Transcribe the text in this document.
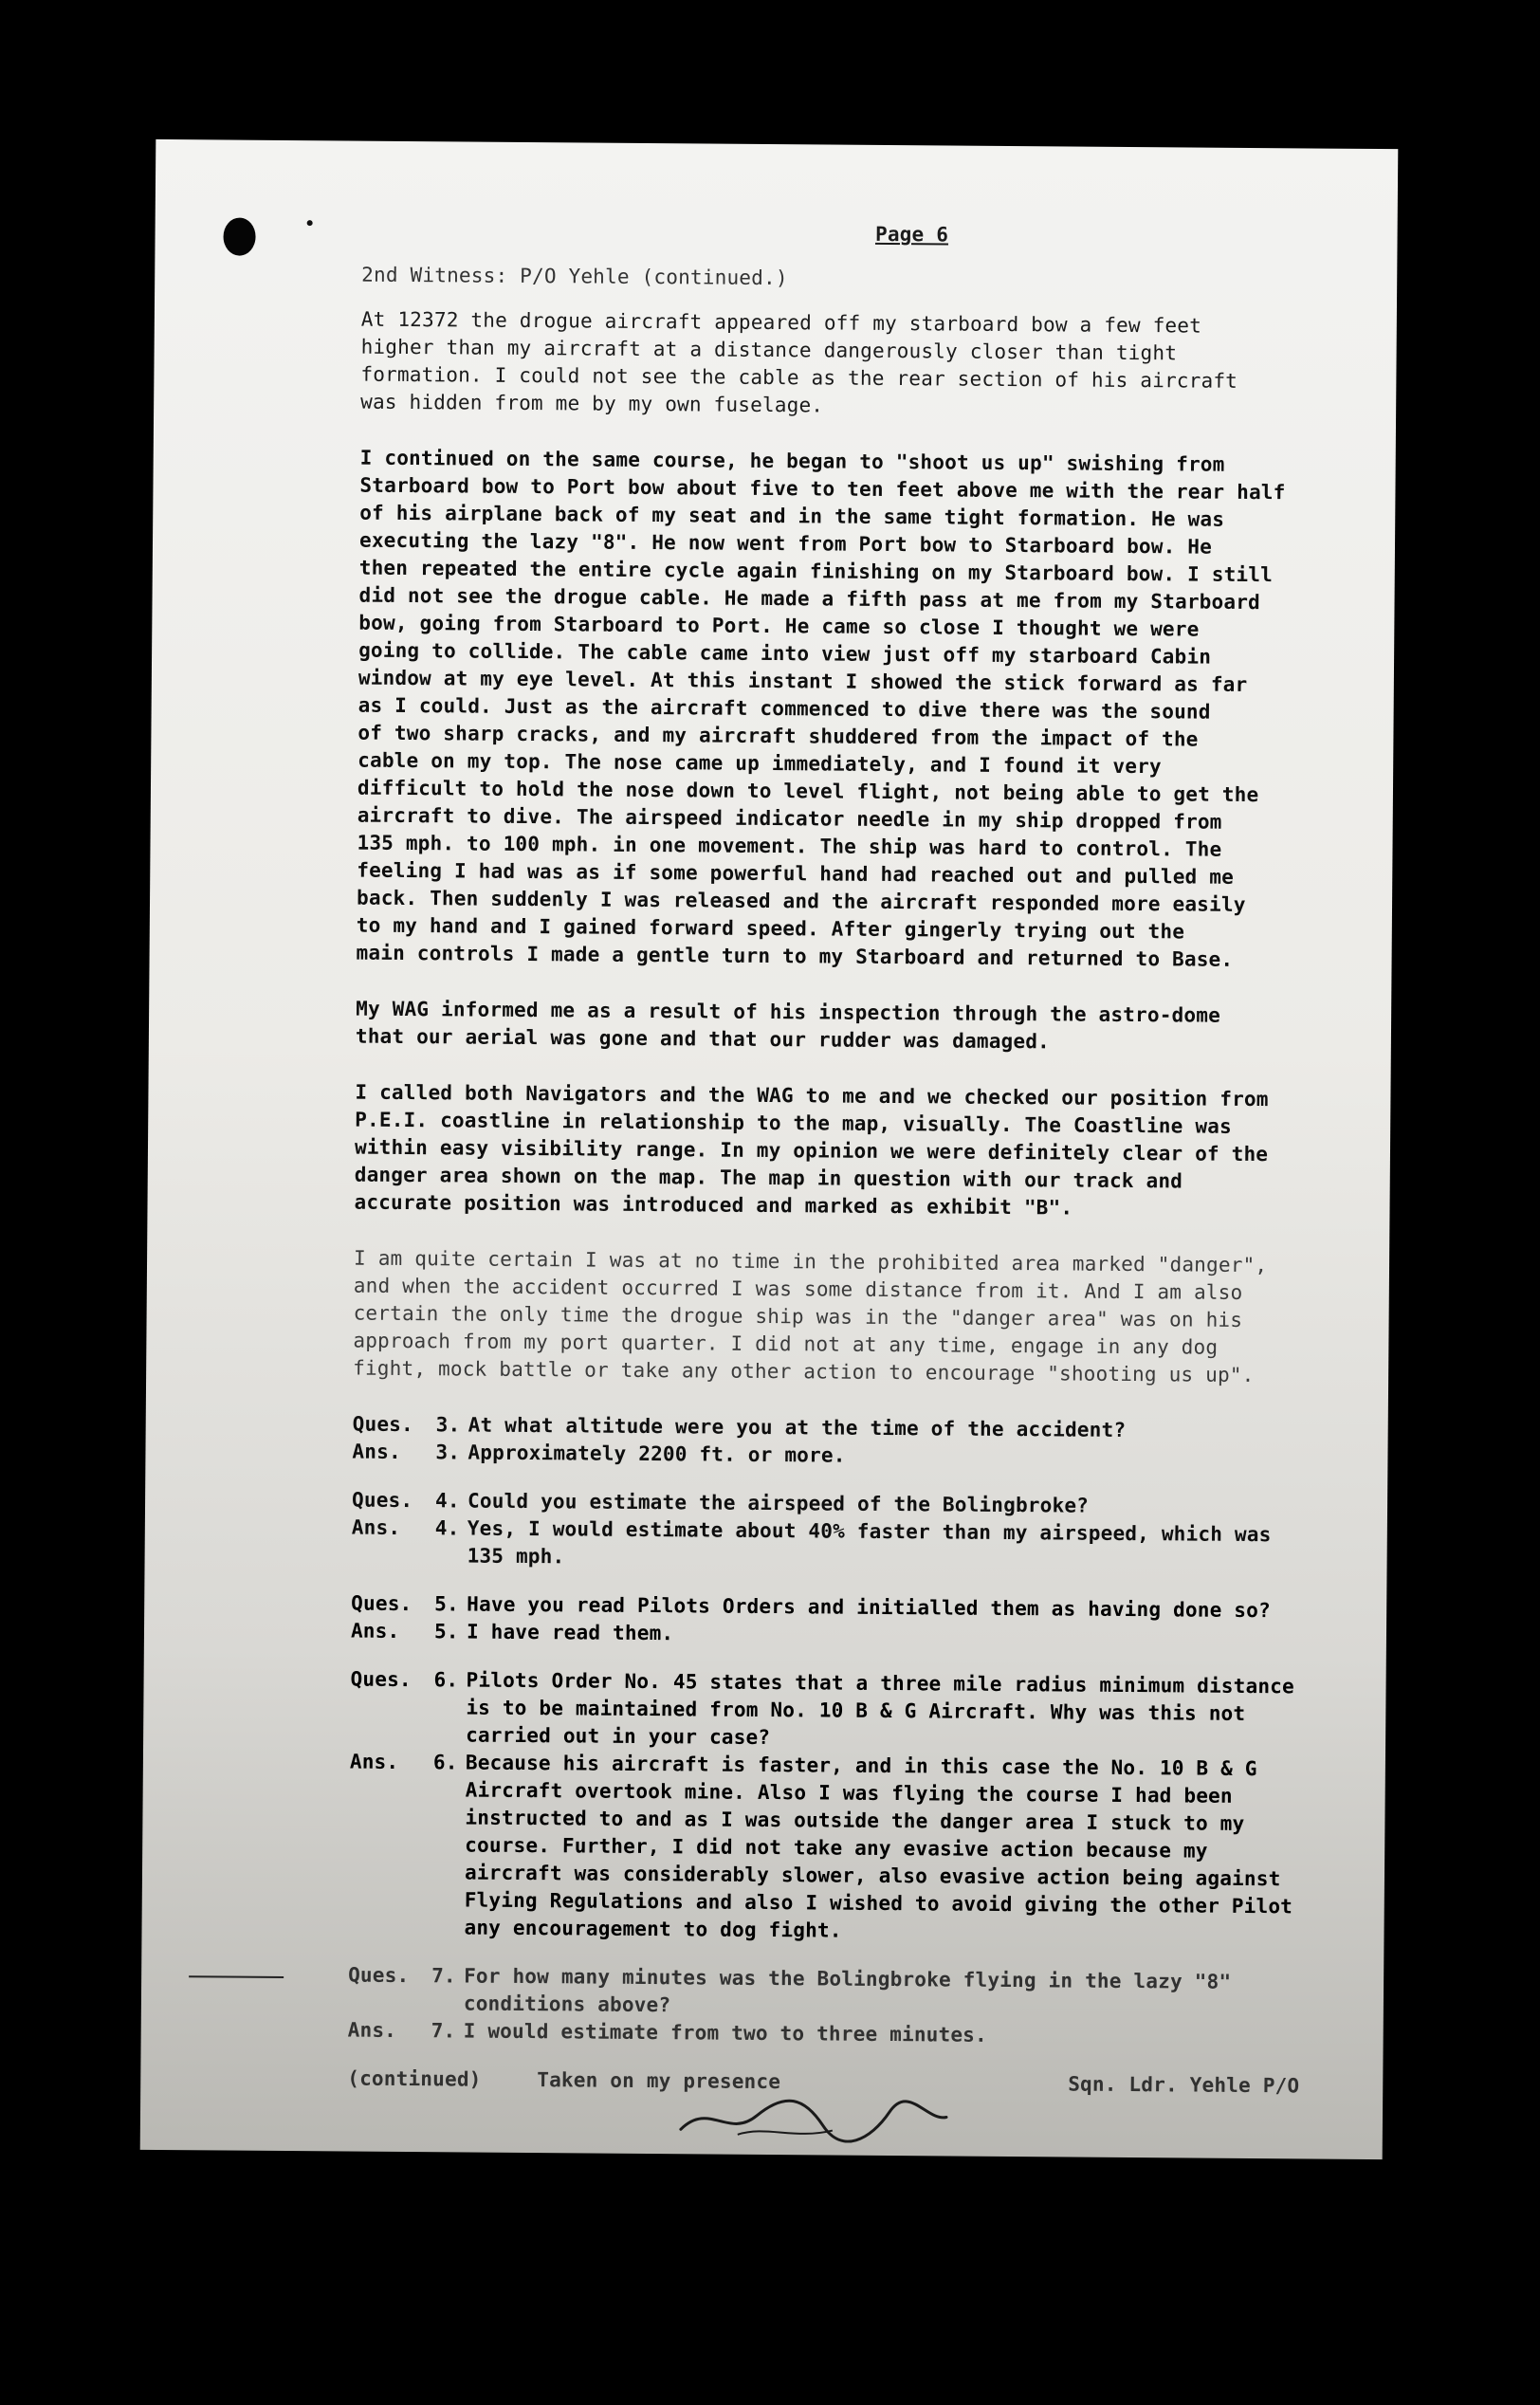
Page 6
2nd Witness: P/O Yehle (continued.)
At 12372 the drogue aircraft appeared off my starboard bow a few feet
higher than my aircraft at a distance dangerously closer than tight
formation. I could not see the cable as the rear section of his aircraft
was hidden from me by my own fuselage.
I continued on the same course, he began to "shoot us up" swishing from
Starboard bow to Port bow about five to ten feet above me with the rear half
of his airplane back of my seat and in the same tight formation. He was
executing the lazy "8". He now went from Port bow to Starboard bow. He
then repeated the entire cycle again finishing on my Starboard bow. I still
did not see the drogue cable. He made a fifth pass at me from my Starboard
bow, going from Starboard to Port. He came so close I thought we were
going to collide. The cable came into view just off my starboard Cabin
window at my eye level. At this instant I showed the stick forward as far
as I could. Just as the aircraft commenced to dive there was the sound
of two sharp cracks, and my aircraft shuddered from the impact of the
cable on my top. The nose came up immediately, and I found it very
difficult to hold the nose down to level flight, not being able to get the
aircraft to dive. The airspeed indicator needle in my ship dropped from
135 mph. to 100 mph. in one movement. The ship was hard to control. The
feeling I had was as if some powerful hand had reached out and pulled me
back. Then suddenly I was released and the aircraft responded more easily
to my hand and I gained forward speed. After gingerly trying out the
main controls I made a gentle turn to my Starboard and returned to Base.
My WAG informed me as a result of his inspection through the astro-dome
that our aerial was gone and that our rudder was damaged.
I called both Navigators and the WAG to me and we checked our position from
P.E.I. coastline in relationship to the map, visually. The Coastline was
within easy visibility range. In my opinion we were definitely clear of the
danger area shown on the map. The map in question with our track and
accurate position was introduced and marked as exhibit "B".
I am quite certain I was at no time in the prohibited area marked "danger",
and when the accident occurred I was some distance from it. And I am also
certain the only time the drogue ship was in the "danger area" was on his
approach from my port quarter. I did not at any time, engage in any dog
fight, mock battle or take any other action to encourage "shooting us up".
Ques.	3. At what altitude were you at the time of the accident?
Ans.	3. Approximately 2200 ft. or more.
Ques.	4. Could you estimate the airspeed of the Bolingbroke?
Ans.	4. Yes, I would estimate about 40% faster than my airspeed, which was
135 mph.
Ques.	5. Have you read Pilots Orders and initialled them as having done so?
Ans.	5. I have read them.
Ques.	6. Pilots Order No. 45 states that a three mile radius minimum distance
is to be maintained from No. 10 B & G Aircraft. Why was this not
carried out in your case?
Ans.	6. Because his aircraft is faster, and in this case the No. 10 B & G
Aircraft overtook mine. Also I was flying the course I had been
instructed to and as I was outside the danger area I stuck to my
course. Further, I did not take any evasive action because my
aircraft was considerably slower, also evasive action being against
Flying Regulations and also I wished to avoid giving the other Pilot
any encouragement to dog fight.
Ques.	7. For how many minutes was the Bolingbroke flying in the lazy "8"
conditions above?
Ans.	7. I would estimate from two to three minutes.
(continued)	Taken on my presence	Sqn. Ldr. Yehle P/O
